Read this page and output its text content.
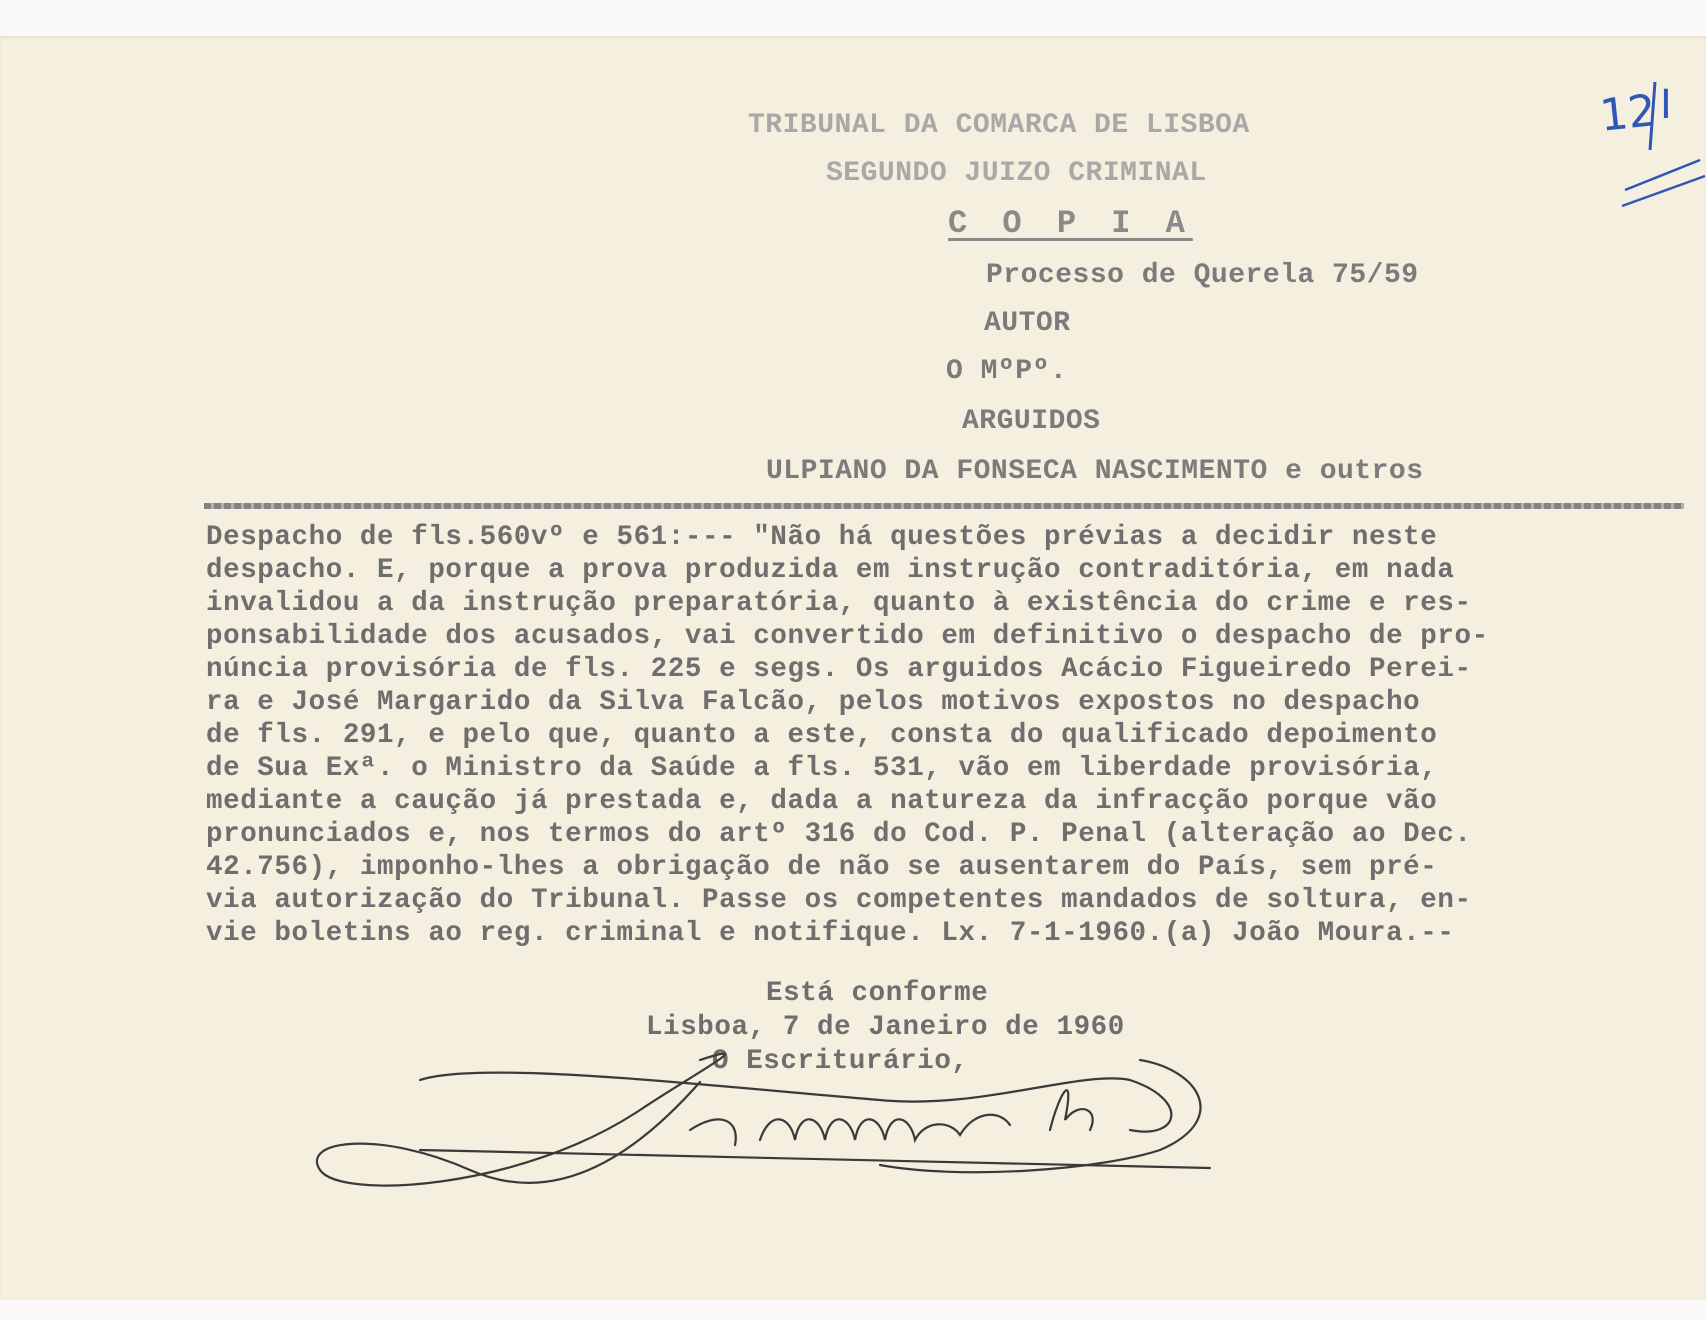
TRIBUNAL DA COMARCA DE LISBOA
SEGUNDO JUIZO CRIMINAL
C O P I A
Processo de Querela 75/59
AUTOR
O MºPº.
ARGUIDOS
ULPIANO DA FONSECA NASCIMENTO e outros
Despacho de fls.560vº e 561:--- "Não há questões prévias a decidir neste
despacho. E, porque a prova produzida em instrução contraditória, em nada
invalidou a da instrução preparatória, quanto à existência do crime e res-
ponsabilidade dos acusados, vai convertido em definitivo o despacho de pro-
núncia provisória de fls. 225 e segs. Os arguidos Acácio Figueiredo Perei-
ra e José Margarido da Silva Falcão, pelos motivos expostos no despacho
de fls. 291, e pelo que, quanto a este, consta do qualificado depoimento
de Sua Exª. o Ministro da Saúde a fls. 531, vão em liberdade provisória,
mediante a caução já prestada e, dada a natureza da infracção porque vão
pronunciados e, nos termos do artº 316 do Cod. P. Penal (alteração ao Dec.
42.756), imponho-lhes a obrigação de não se ausentarem do País, sem pré-
via autorização do Tribunal. Passe os competentes mandados de soltura, en-
vie boletins ao reg. criminal e notifique. Lx. 7-1-1960.(a) João Moura.--
Está conforme
Lisboa, 7 de Janeiro de 1960
O Escriturário,
12 I
